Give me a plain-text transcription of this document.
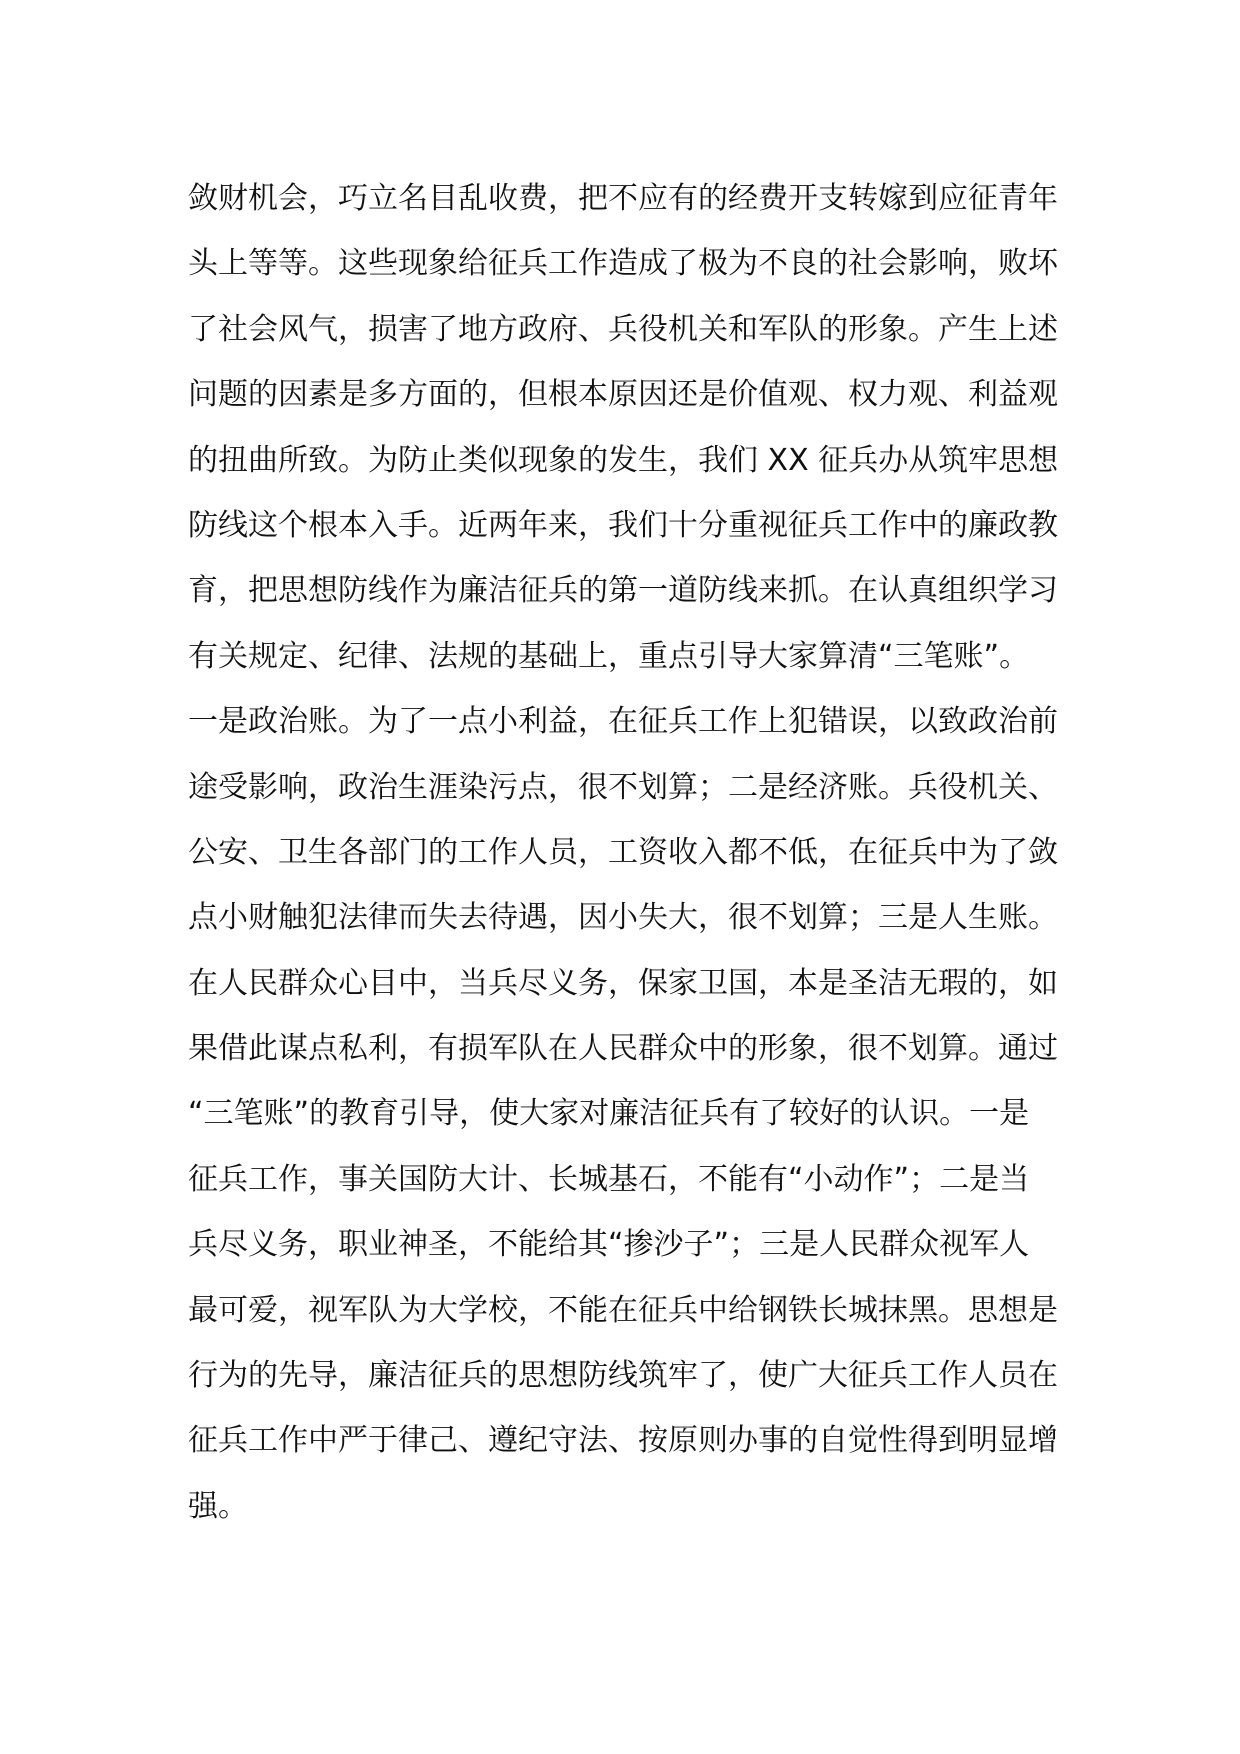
敛财机会，巧立名目乱收费，把不应有的经费开支转嫁到应征青年
头上等等。这些现象给征兵工作造成了极为不良的社会影响，败坏
了社会风气，损害了地方政府、兵役机关和军队的形象。产生上述
问题的因素是多方面的，但根本原因还是价值观、权力观、利益观
的扭曲所致。为防止类似现象的发生，我们 XX 征兵办从筑牢思想
防线这个根本入手。近两年来，我们十分重视征兵工作中的廉政教
育，把思想防线作为廉洁征兵的第一道防线来抓。在认真组织学习
有关规定、纪律、法规的基础上，重点引导大家算清“三笔账”。
一是政治账。为了一点小利益，在征兵工作上犯错误，以致政治前
途受影响，政治生涯染污点，很不划算；二是经济账。兵役机关、
公安、卫生各部门的工作人员，工资收入都不低，在征兵中为了敛
点小财触犯法律而失去待遇，因小失大，很不划算；三是人生账。
在人民群众心目中，当兵尽义务，保家卫国，本是圣洁无瑕的，如
果借此谋点私利，有损军队在人民群众中的形象，很不划算。通过
“三笔账”的教育引导，使大家对廉洁征兵有了较好的认识。一是
征兵工作，事关国防大计、长城基石，不能有“小动作”；二是当
兵尽义务，职业神圣，不能给其“掺沙子”；三是人民群众视军人
最可爱，视军队为大学校，不能在征兵中给钢铁长城抹黑。思想是
行为的先导，廉洁征兵的思想防线筑牢了，使广大征兵工作人员在
征兵工作中严于律己、遵纪守法、按原则办事的自觉性得到明显增
强。
